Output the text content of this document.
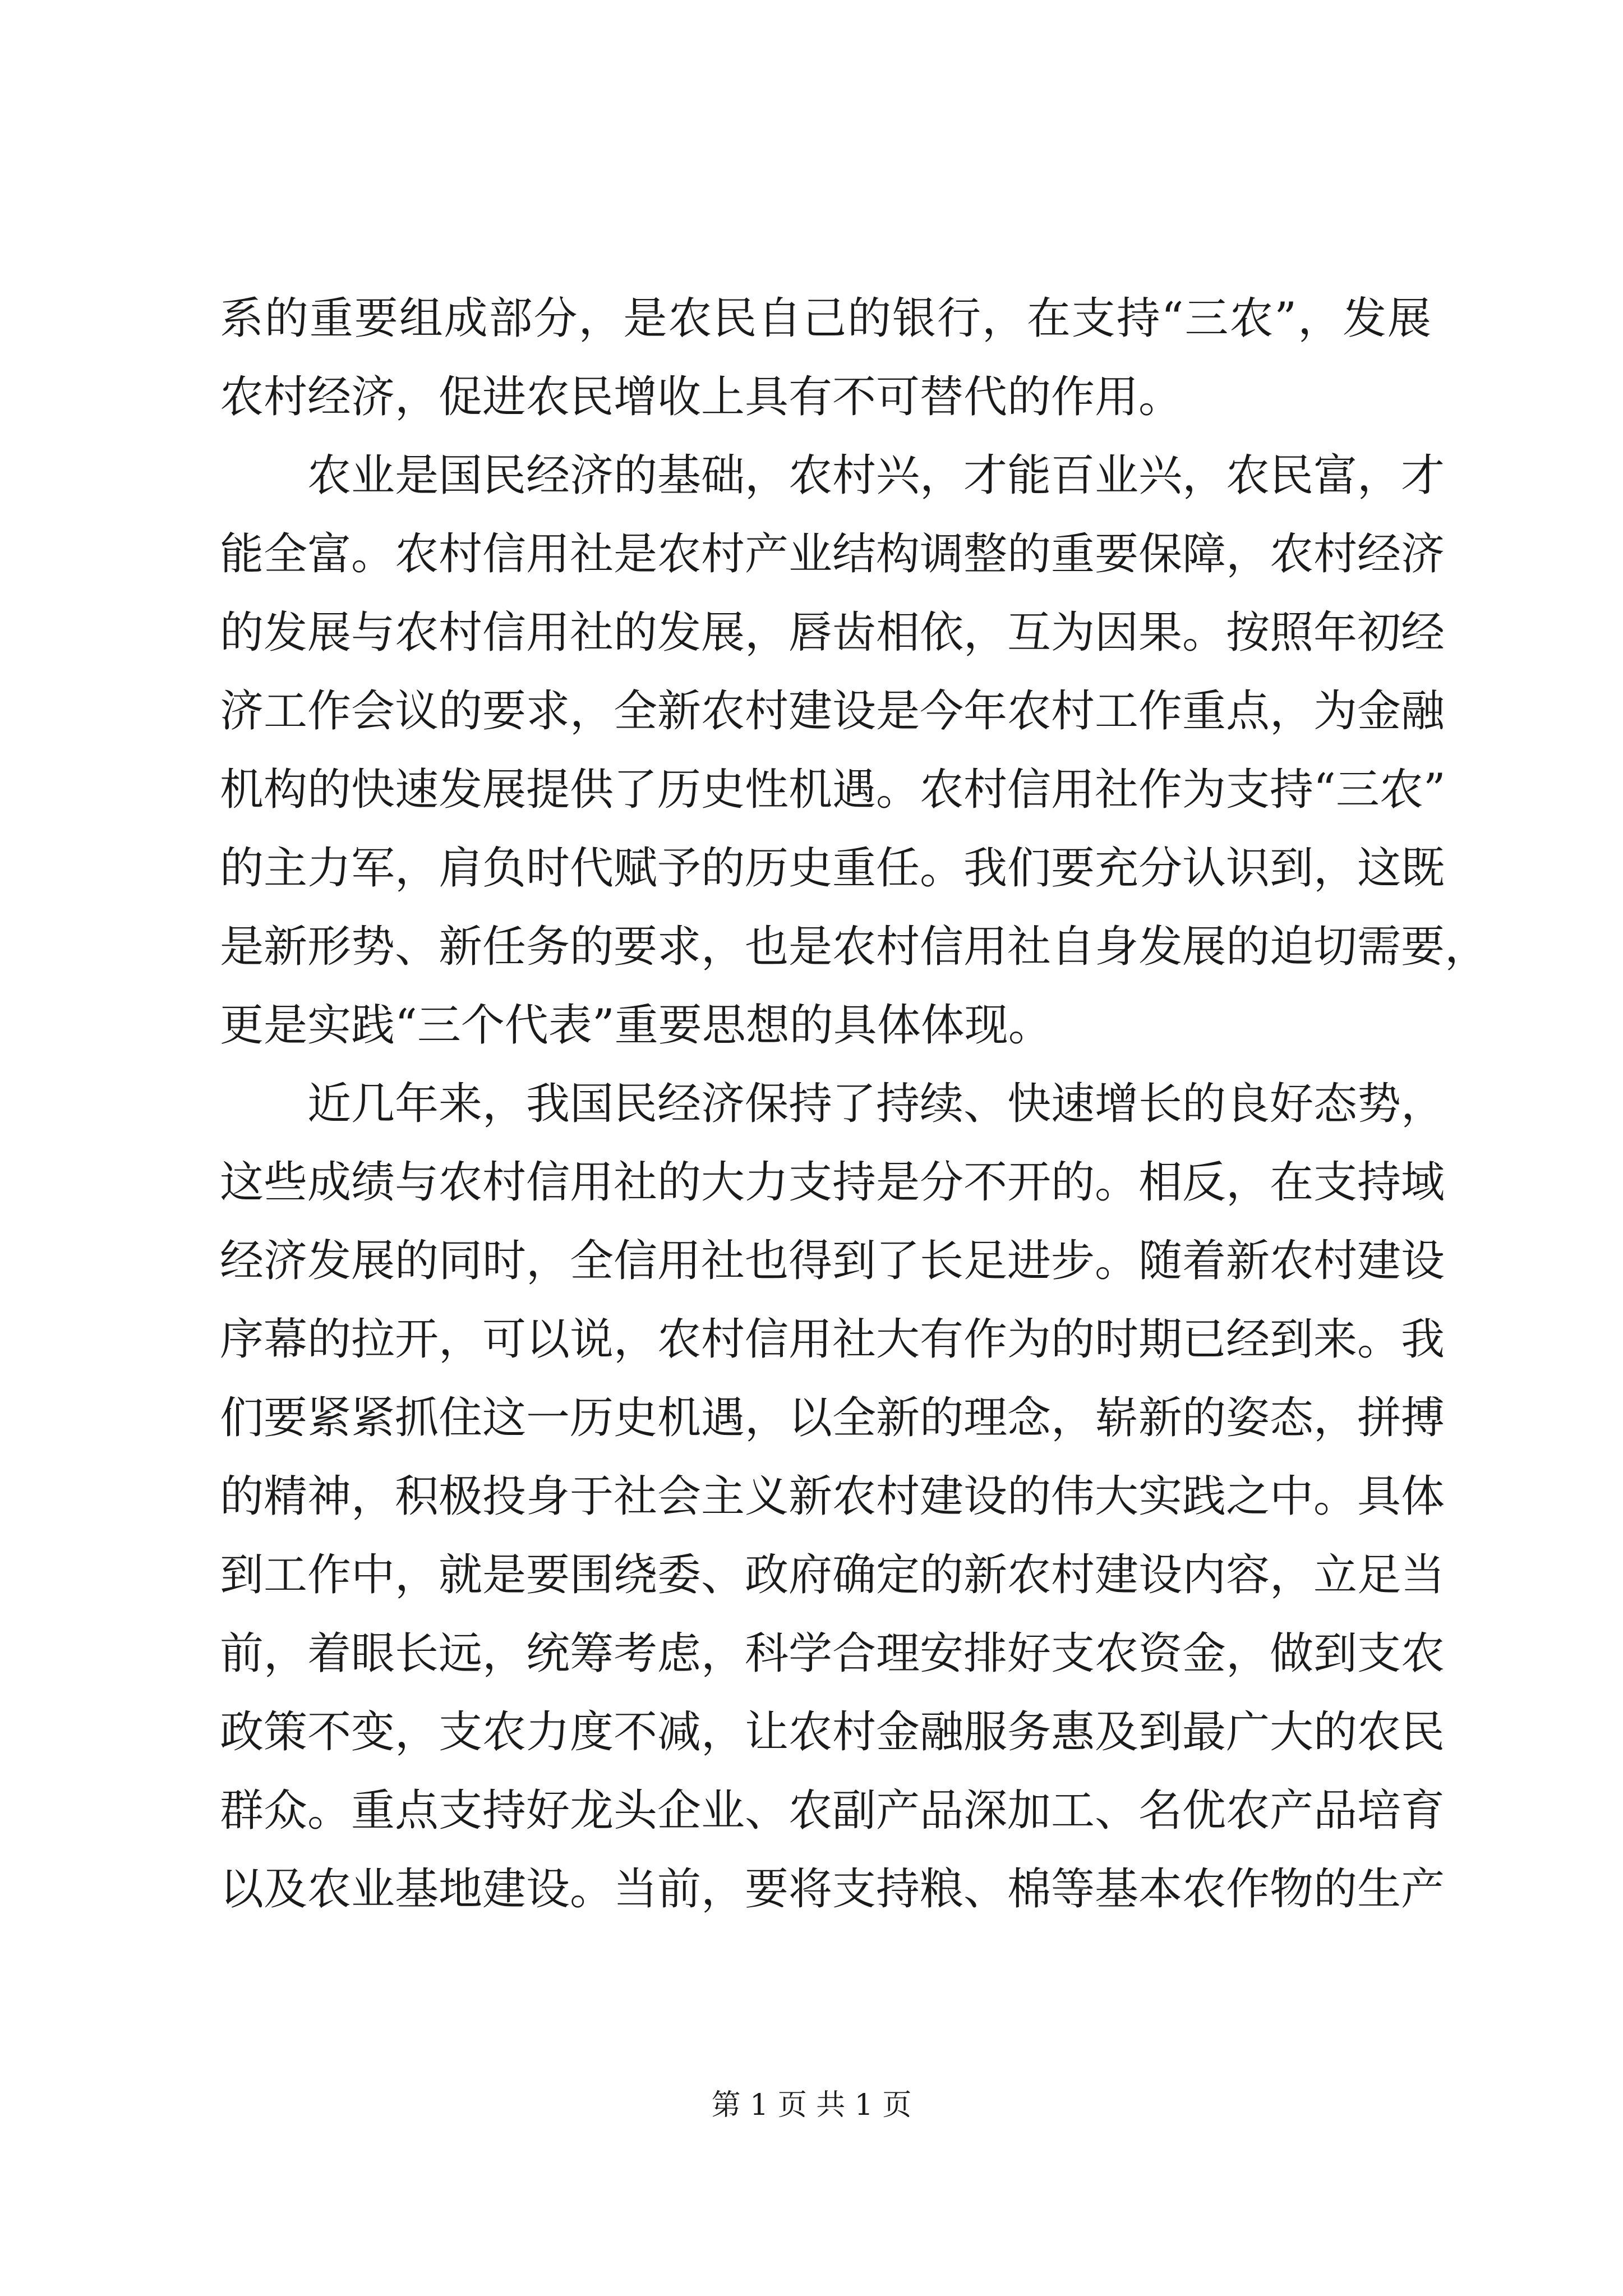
系的重要组成部分，是农民自己的银行，在支持“三农”，发展
农村经济，促进农民增收上具有不可替代的作用。
农业是国民经济的基础，农村兴，才能百业兴，农民富，才
能全富。农村信用社是农村产业结构调整的重要保障，农村经济
的发展与农村信用社的发展，唇齿相依，互为因果。按照年初经
济工作会议的要求，全新农村建设是今年农村工作重点，为金融
机构的快速发展提供了历史性机遇。农村信用社作为支持“三农”
的主力军，肩负时代赋予的历史重任。我们要充分认识到，这既
是新形势、新任务的要求，也是农村信用社自身发展的迫切需要，
更是实践“三个代表”重要思想的具体体现。
近几年来，我国民经济保持了持续、快速增长的良好态势，
这些成绩与农村信用社的大力支持是分不开的。相反，在支持域
经济发展的同时，全信用社也得到了长足进步。随着新农村建设
序幕的拉开，可以说，农村信用社大有作为的时期已经到来。我
们要紧紧抓住这一历史机遇，以全新的理念，崭新的姿态，拼搏
的精神，积极投身于社会主义新农村建设的伟大实践之中。具体
到工作中，就是要围绕委、政府确定的新农村建设内容，立足当
前，着眼长远，统筹考虑，科学合理安排好支农资金，做到支农
政策不变，支农力度不减，让农村金融服务惠及到最广大的农民
群众。重点支持好龙头企业、农副产品深加工、名优农产品培育
以及农业基地建设。当前，要将支持粮、棉等基本农作物的生产
第 1 页 共 1 页
